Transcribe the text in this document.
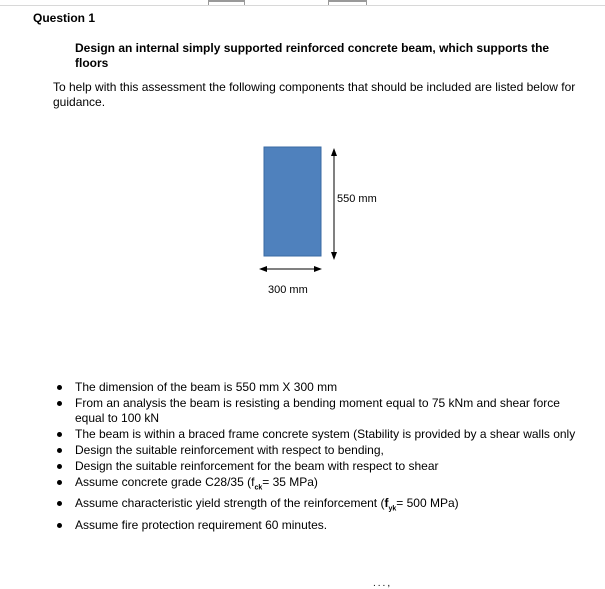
Question 1
Design an internal simply supported reinforced concrete beam, which supports the floors
To help with this assessment the following components that should be included are listed below for guidance.
550 mm
300 mm
The dimension of the beam is 550 mm X 300 mm
From an analysis the beam is resisting a bending moment equal to 75 kNm and shear force equal to 100 kN
The beam is within a braced frame concrete system (Stability is provided by a shear walls only
Design the suitable reinforcement with respect to bending,
Design the suitable reinforcement for the beam with respect to shear
Assume concrete grade C28/35 ($f_{ck}= 35$ MPa)
Assume characteristic yield strength of the reinforcement ($f_{yk}= 500$ MPa)
Assume fire protection requirement 60 minutes.
...,
